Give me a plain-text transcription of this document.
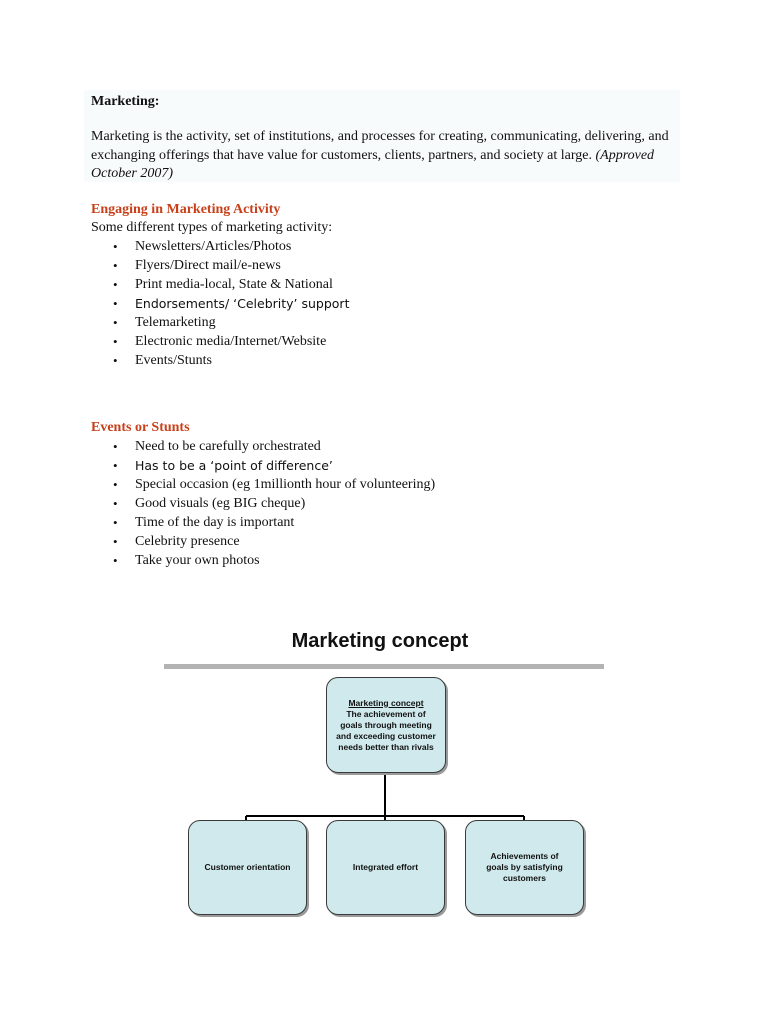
Marketing:
Marketing is the activity, set of institutions, and processes for creating, communicating, delivering, and exchanging offerings that have value for customers, clients, partners, and society at large. (Approved October 2007)
Engaging in Marketing Activity
Some different types of marketing activity:
• Newsletters/Articles/Photos
• Flyers/Direct mail/e-news
• Print media-local, State & National
• Endorsements/ ‘Celebrity’ support
• Telemarketing
• Electronic media/Internet/Website
• Events/Stunts
Events or Stunts
• Need to be carefully orchestrated
• Has to be a ‘point of difference’
• Special occasion (eg 1millionth hour of volunteering)
• Good visuals (eg BIG cheque)
• Time of the day is important
• Celebrity presence
• Take your own photos
Marketing concept
Marketing concept
The achievement of
goals through meeting
and exceeding customer
needs better than rivals
Customer orientation	Integrated effort
Achievements of
goals by satisfying
customers
